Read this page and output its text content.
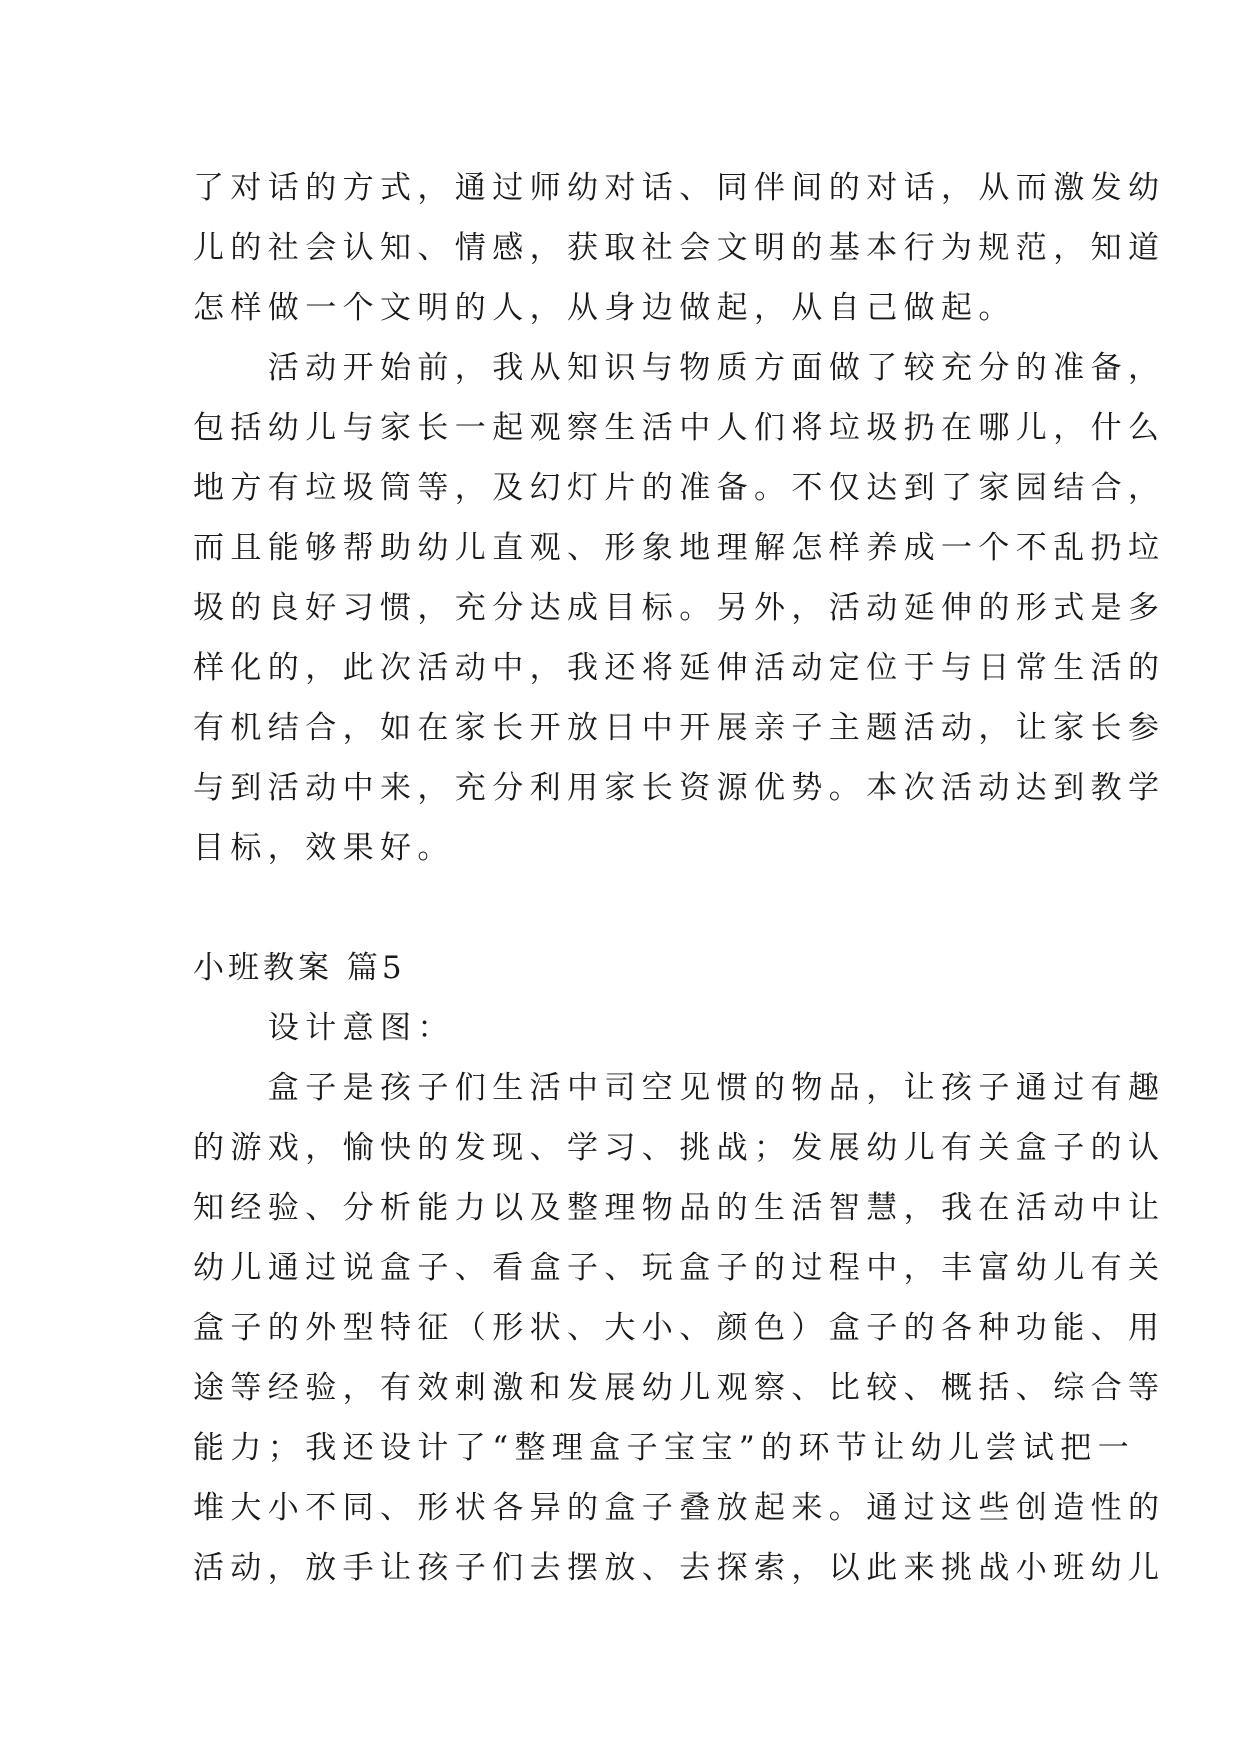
了对话的方式，通过师幼对话、同伴间的对话，从而激发幼

儿的社会认知、情感，获取社会文明的基本行为规范，知道

怎样做一个文明的人，从身边做起，从自己做起。

　　活动开始前，我从知识与物质方面做了较充分的准备，

包括幼儿与家长一起观察生活中人们将垃圾扔在哪儿，什么

地方有垃圾筒等，及幻灯片的准备。不仅达到了家园结合，

而且能够帮助幼儿直观、形象地理解怎样养成一个不乱扔垃

圾的良好习惯，充分达成目标。另外，活动延伸的形式是多

样化的，此次活动中，我还将延伸活动定位于与日常生活的

有机结合，如在家长开放日中开展亲子主题活动，让家长参

与到活动中来，充分利用家长资源优势。本次活动达到教学

目标，效果好。

小班教案 篇5

　　设计意图：

　　盒子是孩子们生活中司空见惯的物品，让孩子通过有趣

的游戏，愉快的发现、学习、挑战；发展幼儿有关盒子的认

知经验、分析能力以及整理物品的生活智慧，我在活动中让

幼儿通过说盒子、看盒子、玩盒子的过程中，丰富幼儿有关

盒子的外型特征（形状、大小、颜色）盒子的各种功能、用

途等经验，有效刺激和发展幼儿观察、比较、概括、综合等

能力；我还设计了“整理盒子宝宝”的环节让幼儿尝试把一

堆大小不同、形状各异的盒子叠放起来。通过这些创造性的

活动，放手让孩子们去摆放、去探索，以此来挑战小班幼儿
